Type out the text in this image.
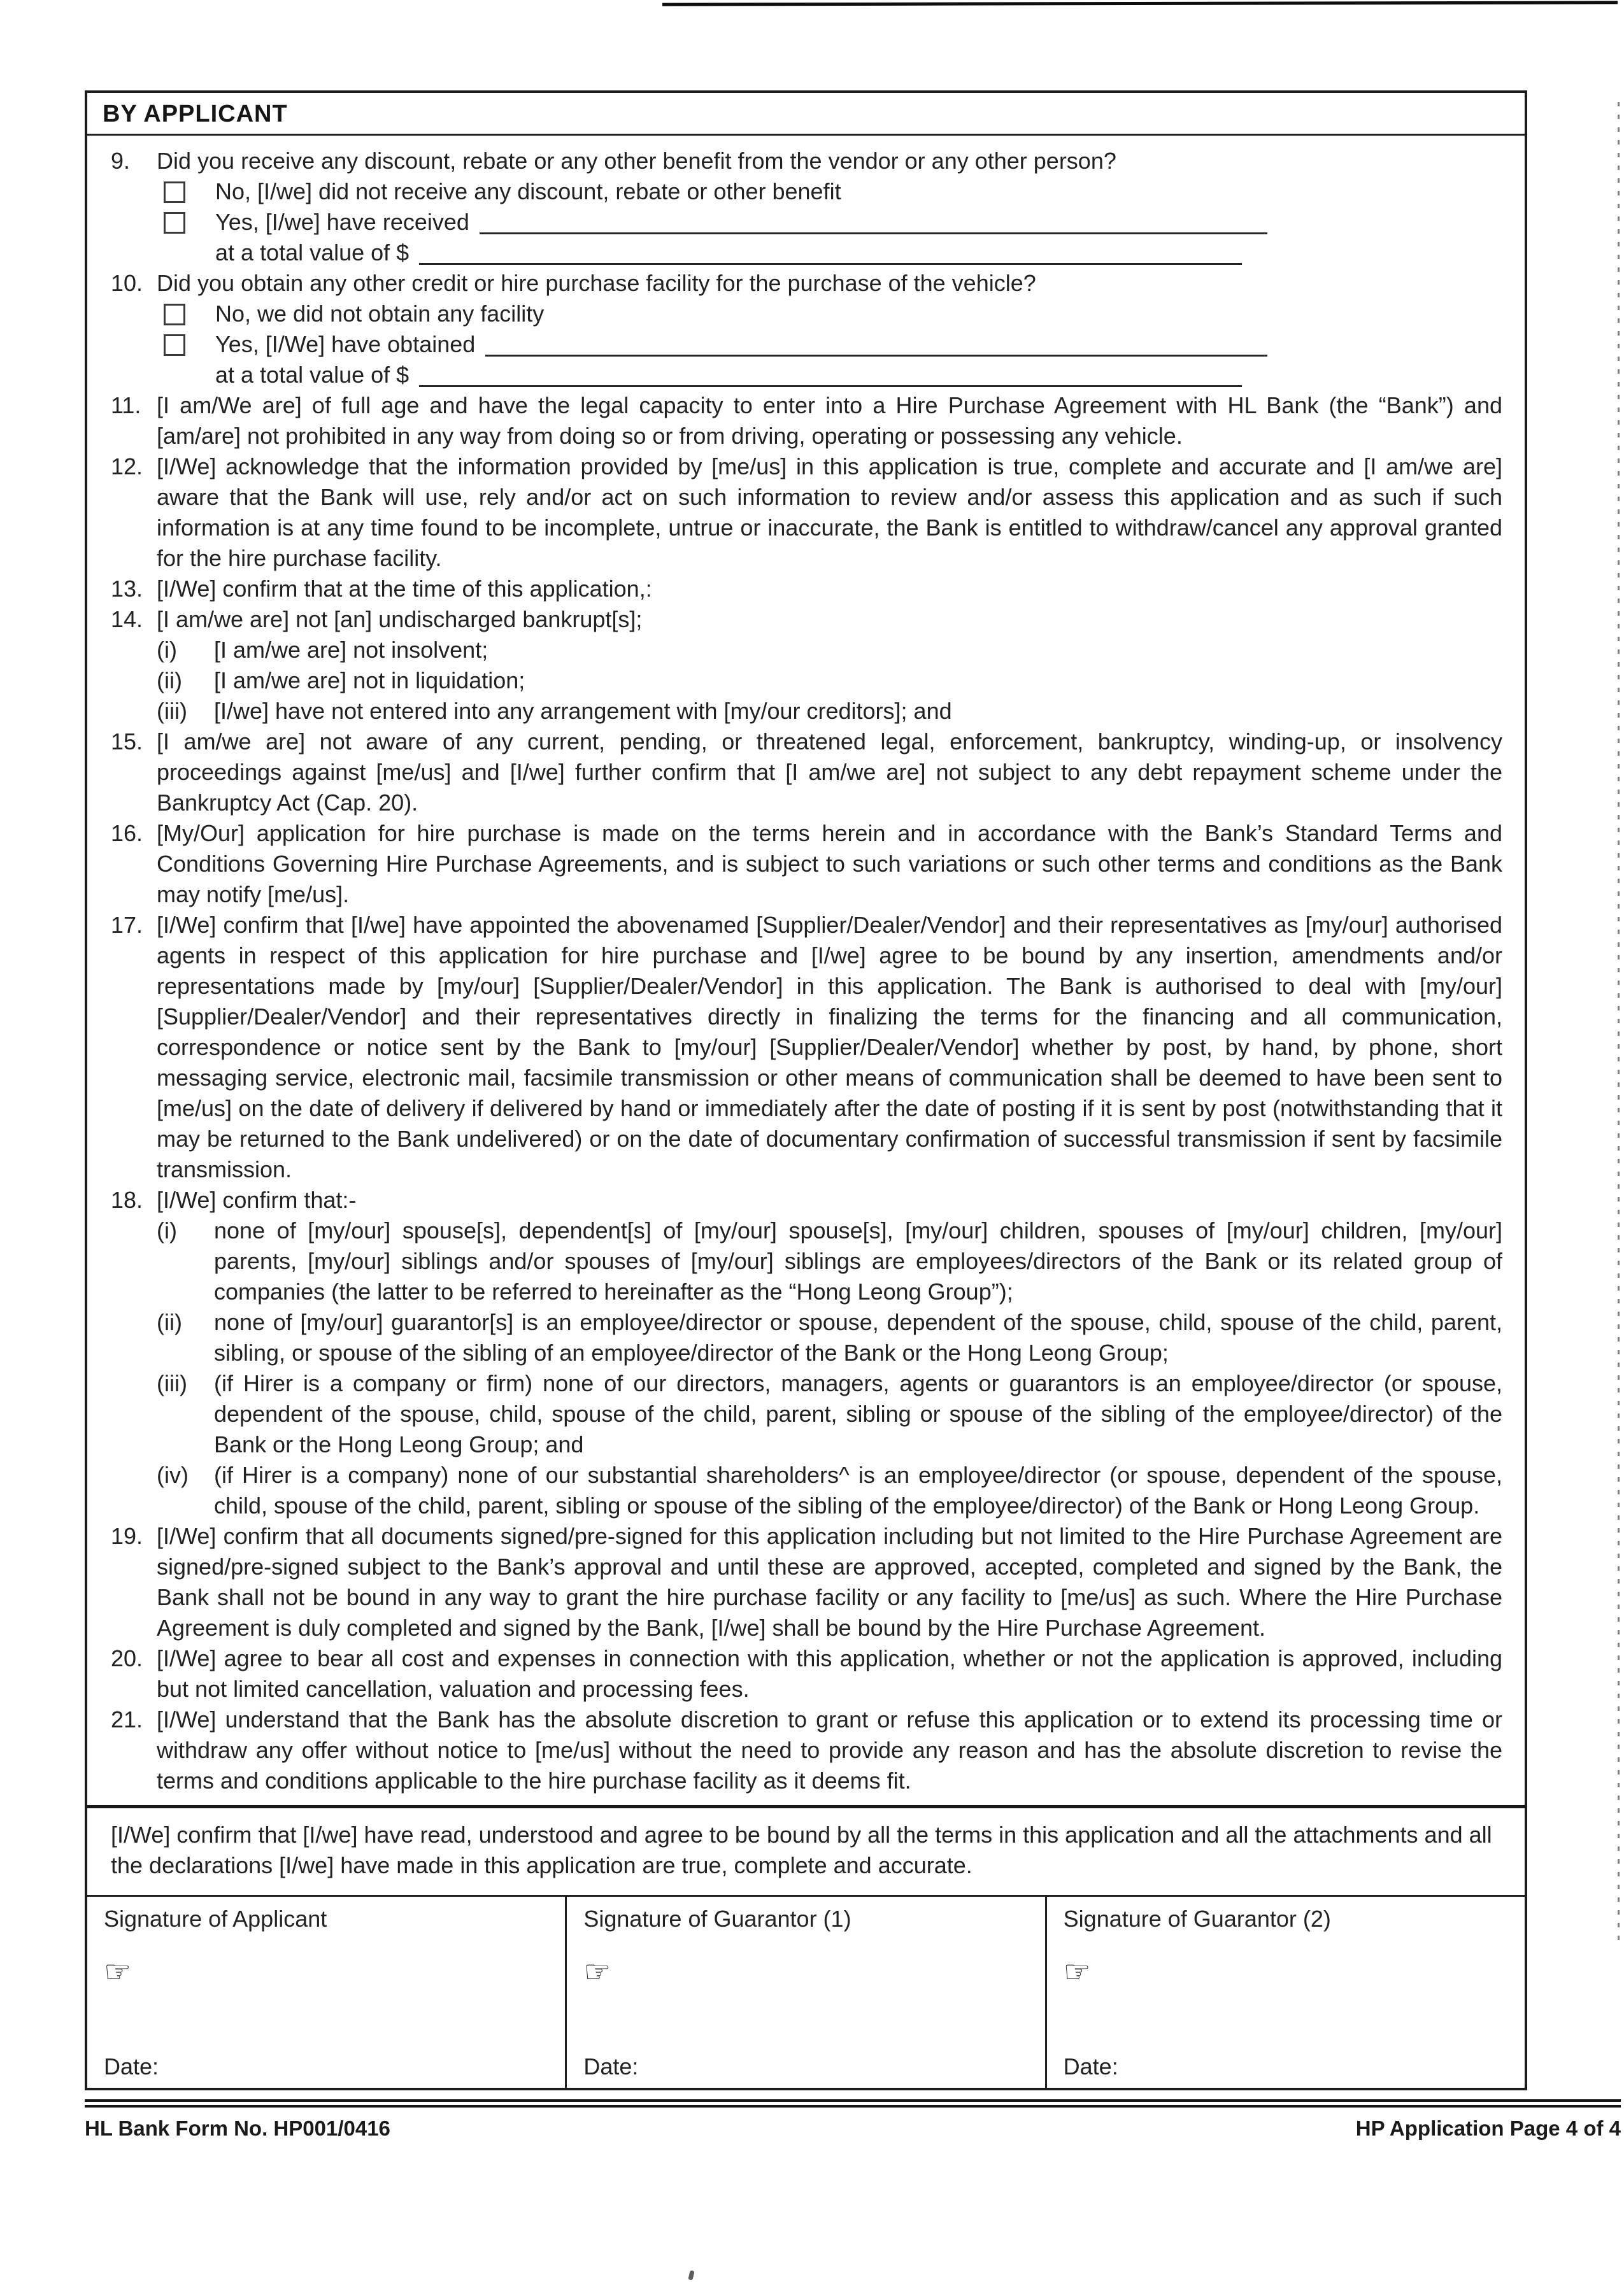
BY APPLICANT
9.	Did you receive any discount, rebate or any other benefit from the vendor or any other person?

No, [I/we] did not receive any discount, rebate or other benefit

Yes, [I/we] have received

at a total value of $

10. Did you obtain any other credit or hire purchase facility for the purchase of the vehicle?

No, we did not obtain any facility

Yes, [I/We] have obtained

at a total value of $

11. [I am/We are] of full age and have the legal capacity to enter into a Hire Purchase Agreement with HL Bank (the “Bank”) and [am/are] not prohibited in any way from doing so or from driving, operating or possessing any vehicle.

12. [I/We] acknowledge that the information provided by [me/us] in this application is true, complete and accurate and [I am/we are] aware that the Bank will use, rely and/or act on such information to review and/or assess this application and as such if such information is at any time found to be incomplete, untrue or inaccurate, the Bank is entitled to withdraw/cancel any approval granted for the hire purchase facility.

13. [I/We] confirm that at the time of this application,:

14. [I am/we are] not [an] undischarged bankrupt[s];

(i)	[I am/we are] not insolvent;

(ii)	[I am/we are] not in liquidation;

(iii)	[I/we] have not entered into any arrangement with [my/our creditors]; and

15. [I am/we are] not aware of any current, pending, or threatened legal, enforcement, bankruptcy, winding-up, or insolvency proceedings against [me/us] and [I/we] further confirm that [I am/we are] not subject to any debt repayment scheme under the Bankruptcy Act (Cap. 20).

16. [My/Our] application for hire purchase is made on the terms herein and in accordance with the Bank’s Standard Terms and Conditions Governing Hire Purchase Agreements, and is subject to such variations or such other terms and conditions as the Bank may notify [me/us].

17. [I/We] confirm that [I/we] have appointed the abovenamed [Supplier/Dealer/Vendor] and their representatives as [my/our] authorised agents in respect of this application for hire purchase and [I/we] agree to be bound by any insertion, amendments and/or representations made by [my/our] [Supplier/Dealer/Vendor] in this application. The Bank is authorised to deal with [my/our] [Supplier/Dealer/Vendor] and their representatives directly in finalizing the terms for the financing and all communication, correspondence or notice sent by the Bank to [my/our] [Supplier/Dealer/Vendor] whether by post, by hand, by phone, short messaging service, electronic mail, facsimile transmission or other means of communication shall be deemed to have been sent to [me/us] on the date of delivery if delivered by hand or immediately after the date of posting if it is sent by post (notwithstanding that it may be returned to the Bank undelivered) or on the date of documentary confirmation of successful transmission if sent by facsimile transmission.

18. [I/We] confirm that:-

(i)	none of [my/our] spouse[s], dependent[s] of [my/our] spouse[s], [my/our] children, spouses of [my/our] children, [my/our] parents, [my/our] siblings and/or spouses of [my/our] siblings are employees/directors of the Bank or its related group of companies (the latter to be referred to hereinafter as the “Hong Leong Group”);

(ii)	none of [my/our] guarantor[s] is an employee/director or spouse, dependent of the spouse, child, spouse of the child, parent, sibling, or spouse of the sibling of an employee/director of the Bank or the Hong Leong Group;

(iii)	(if Hirer is a company or firm) none of our directors, managers, agents or guarantors is an employee/director (or spouse, dependent of the spouse, child, spouse of the child, parent, sibling or spouse of the sibling of the employee/director) of the Bank or the Hong Leong Group; and

(iv)	(if Hirer is a company) none of our substantial shareholders^ is an employee/director (or spouse, dependent of the spouse, child, spouse of the child, parent, sibling or spouse of the sibling of the employee/director) of the Bank or Hong Leong Group.

19. [I/We] confirm that all documents signed/pre-signed for this application including but not limited to the Hire Purchase Agreement are signed/pre-signed subject to the Bank’s approval and until these are approved, accepted, completed and signed by the Bank, the Bank shall not be bound in any way to grant the hire purchase facility or any facility to [me/us] as such. Where the Hire Purchase Agreement is duly completed and signed by the Bank, [I/we] shall be bound by the Hire Purchase Agreement.

20. [I/We] agree to bear all cost and expenses in connection with this application, whether or not the application is approved, including but not limited cancellation, valuation and processing fees.

21. [I/We] understand that the Bank has the absolute discretion to grant or refuse this application or to extend its processing time or withdraw any offer without notice to [me/us] without the need to provide any reason and has the absolute discretion to revise the terms and conditions applicable to the hire purchase facility as it deems fit.

[I/We] confirm that [I/we] have read, understood and agree to be bound by all the terms in this application and all the attachments and all the declarations [I/we] have made in this application are true, complete and accurate.

Signature of Applicant

☞

Date:

Signature of Guarantor (1)

☞

Date:

Signature of Guarantor (2)

☞

Date:

HL Bank Form No. HP001/0416	HP Application Page 4 of 4
